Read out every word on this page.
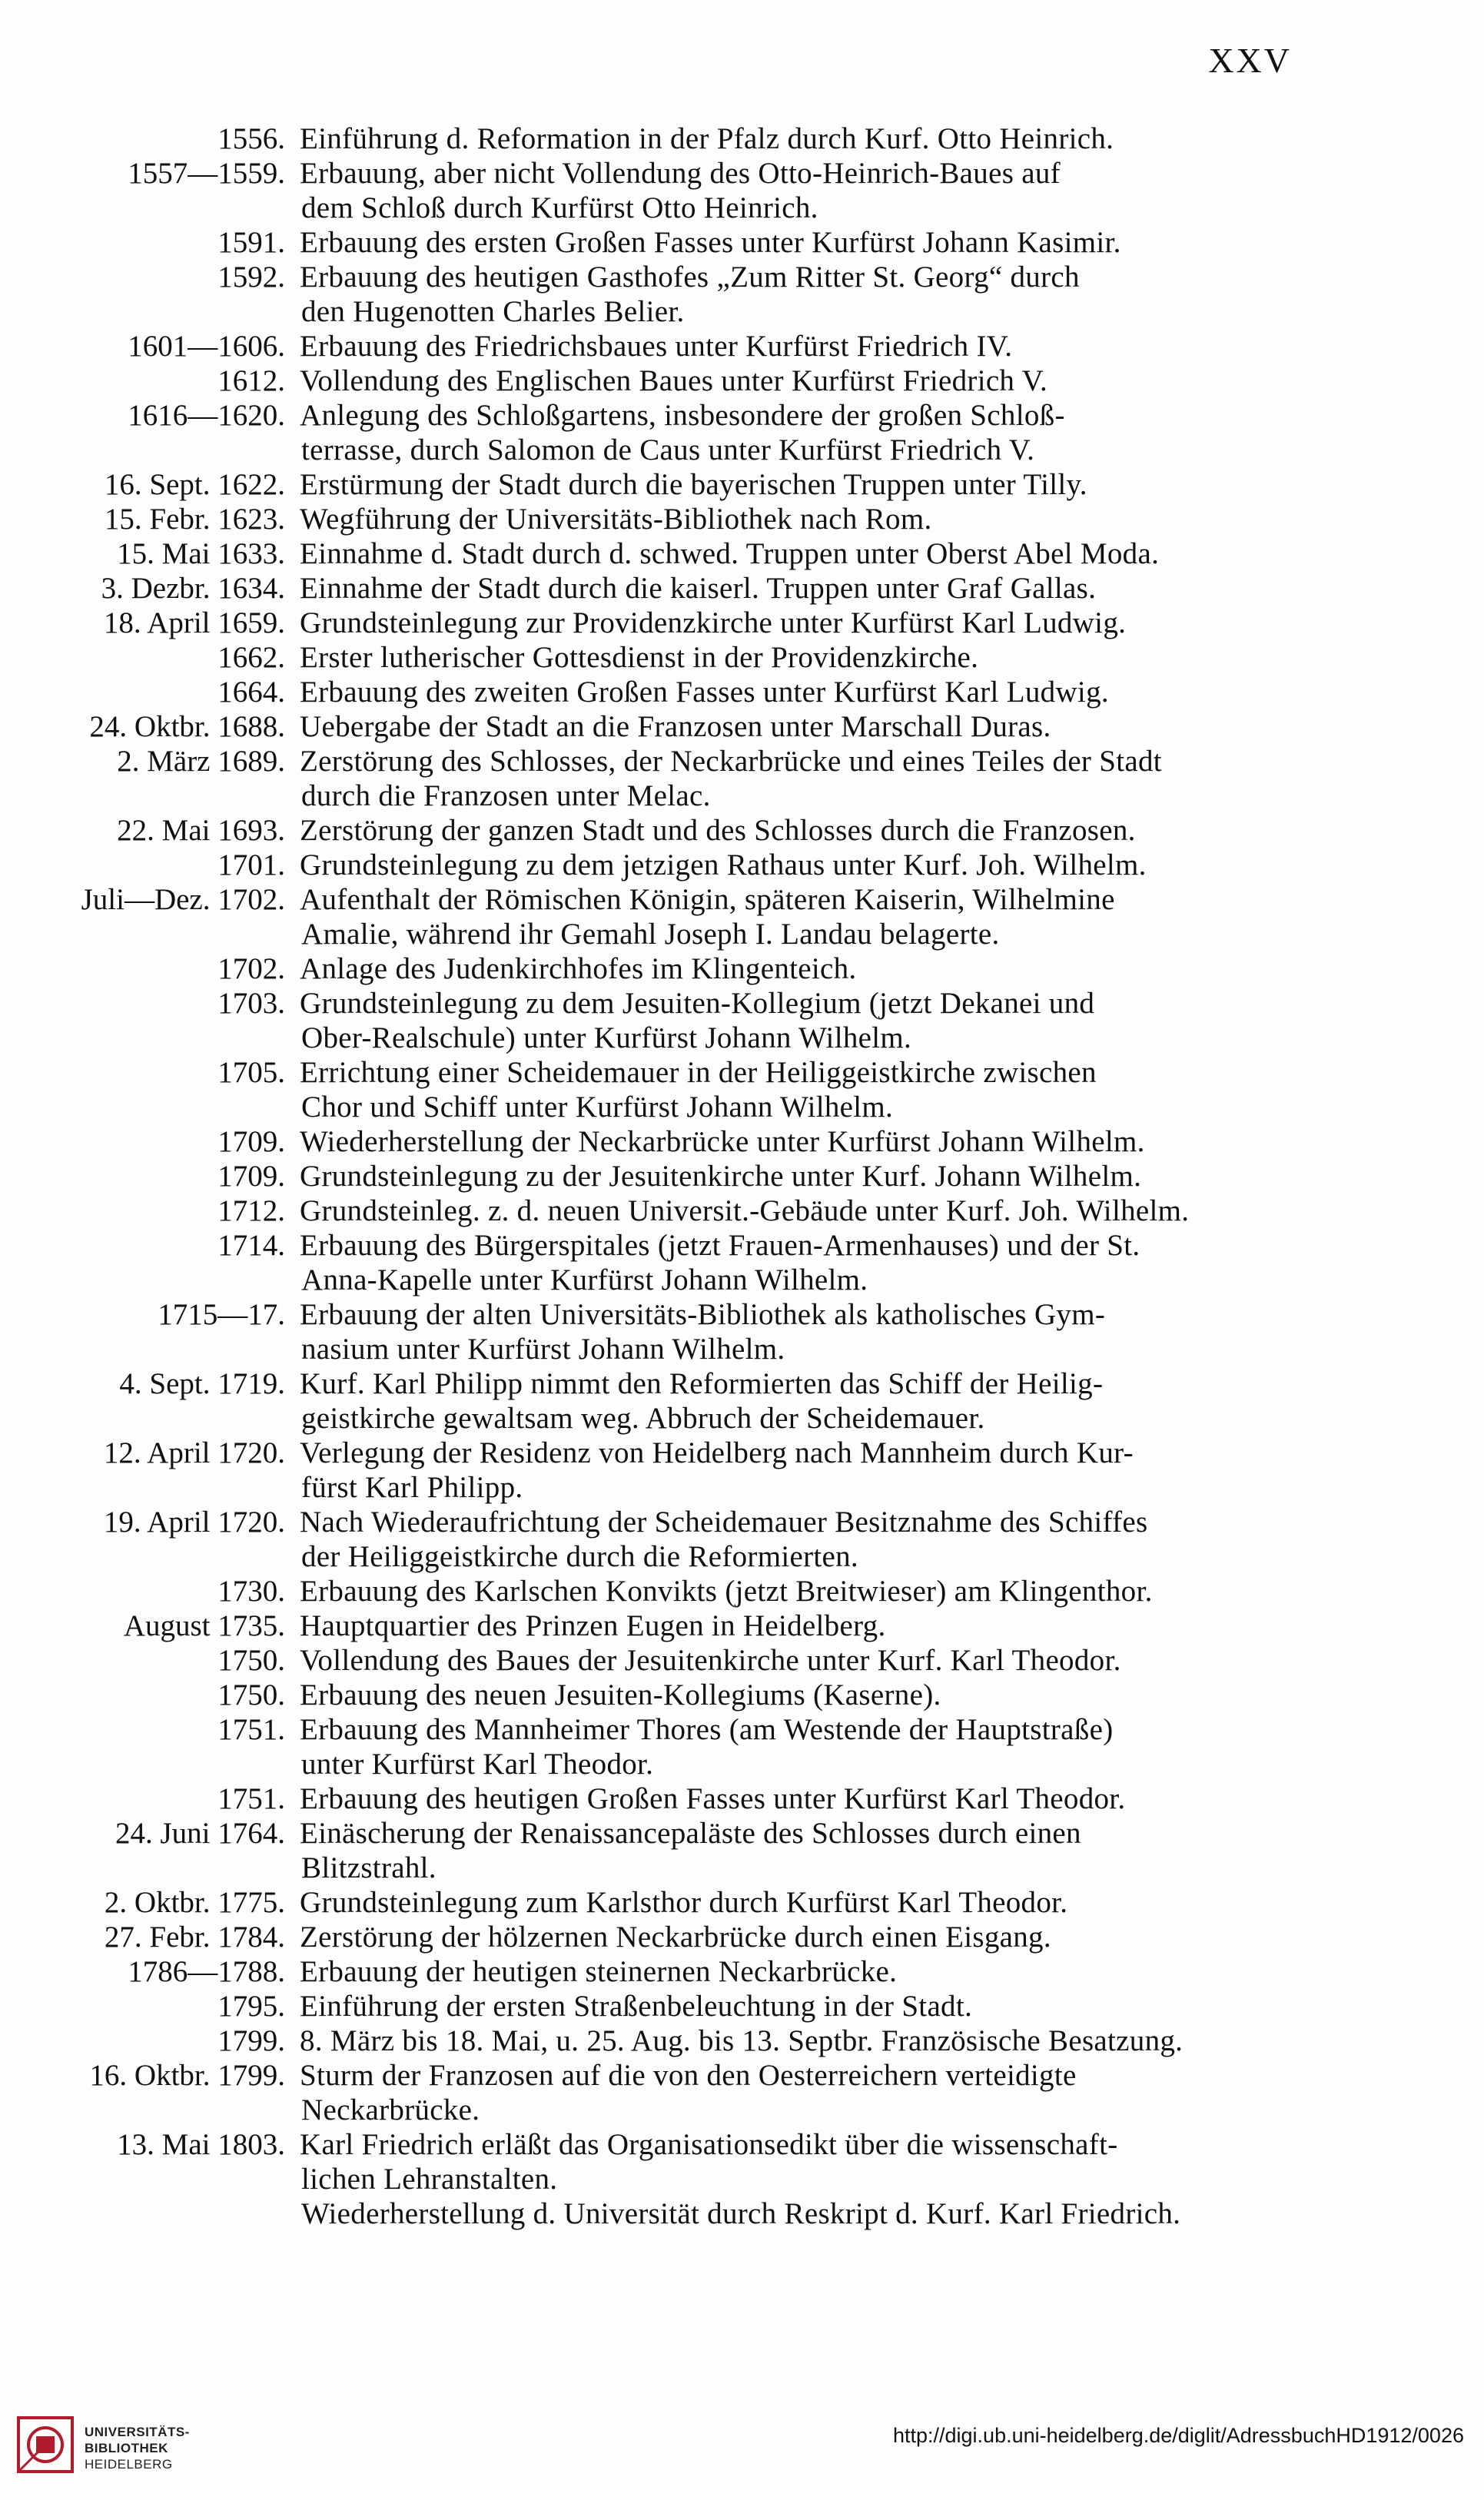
XXV
1556. Einführung d. Reformation in der Pfalz durch Kurf. Otto Heinrich.
1557—1559. Erbauung, aber nicht Vollendung des Otto-Heinrich-Baues auf
dem Schloß durch Kurfürst Otto Heinrich.
1591. Erbauung des ersten Großen Fasses unter Kurfürst Johann Kasimir.
1592. Erbauung des heutigen Gasthofes „Zum Ritter St. Georg“ durch
den Hugenotten Charles Belier.
1601—1606. Erbauung des Friedrichsbaues unter Kurfürst Friedrich IV.
1612. Vollendung des Englischen Baues unter Kurfürst Friedrich V.
1616—1620. Anlegung des Schloßgartens, insbesondere der großen Schloß-
terrasse, durch Salomon de Caus unter Kurfürst Friedrich V.
16. Sept. 1622. Erstürmung der Stadt durch die bayerischen Truppen unter Tilly.
15. Febr. 1623. Wegführung der Universitäts-Bibliothek nach Rom.
15. Mai 1633. Einnahme d. Stadt durch d. schwed. Truppen unter Oberst Abel Moda.
3. Dezbr. 1634. Einnahme der Stadt durch die kaiserl. Truppen unter Graf Gallas.
18. April 1659. Grundsteinlegung zur Providenzkirche unter Kurfürst Karl Ludwig.
1662. Erster lutherischer Gottesdienst in der Providenzkirche.
1664. Erbauung des zweiten Großen Fasses unter Kurfürst Karl Ludwig.
24. Oktbr. 1688. Uebergabe der Stadt an die Franzosen unter Marschall Duras.
2. März 1689. Zerstörung des Schlosses, der Neckarbrücke und eines Teiles der Stadt
durch die Franzosen unter Melac.
22. Mai 1693. Zerstörung der ganzen Stadt und des Schlosses durch die Franzosen.
1701. Grundsteinlegung zu dem jetzigen Rathaus unter Kurf. Joh. Wilhelm.
Juli—Dez. 1702. Aufenthalt der Römischen Königin, späteren Kaiserin, Wilhelmine
Amalie, während ihr Gemahl Joseph I. Landau belagerte.
1702. Anlage des Judenkirchhofes im Klingenteich.
1703. Grundsteinlegung zu dem Jesuiten-Kollegium (jetzt Dekanei und
Ober-Realschule) unter Kurfürst Johann Wilhelm.
1705. Errichtung einer Scheidemauer in der Heiliggeistkirche zwischen
Chor und Schiff unter Kurfürst Johann Wilhelm.
1709. Wiederherstellung der Neckarbrücke unter Kurfürst Johann Wilhelm.
1709. Grundsteinlegung zu der Jesuitenkirche unter Kurf. Johann Wilhelm.
1712. Grundsteinleg. z. d. neuen Universit.-Gebäude unter Kurf. Joh. Wilhelm.
1714. Erbauung des Bürgerspitales (jetzt Frauen-Armenhauses) und der St.
Anna-Kapelle unter Kurfürst Johann Wilhelm.
1715—17. Erbauung der alten Universitäts-Bibliothek als katholisches Gym-
nasium unter Kurfürst Johann Wilhelm.
4. Sept. 1719. Kurf. Karl Philipp nimmt den Reformierten das Schiff der Heilig-
geistkirche gewaltsam weg. Abbruch der Scheidemauer.
12. April 1720. Verlegung der Residenz von Heidelberg nach Mannheim durch Kur-
fürst Karl Philipp.
19. April 1720. Nach Wiederaufrichtung der Scheidemauer Besitznahme des Schiffes
der Heiliggeistkirche durch die Reformierten.
1730. Erbauung des Karlschen Konvikts (jetzt Breitwieser) am Klingenthor.
August 1735. Hauptquartier des Prinzen Eugen in Heidelberg.
1750. Vollendung des Baues der Jesuitenkirche unter Kurf. Karl Theodor.
1750. Erbauung des neuen Jesuiten-Kollegiums (Kaserne).
1751. Erbauung des Mannheimer Thores (am Westende der Hauptstraße)
unter Kurfürst Karl Theodor.
1751. Erbauung des heutigen Großen Fasses unter Kurfürst Karl Theodor.
24. Juni 1764. Einäscherung der Renaissancepaläste des Schlosses durch einen
Blitzstrahl.
2. Oktbr. 1775. Grundsteinlegung zum Karlsthor durch Kurfürst Karl Theodor.
27. Febr. 1784. Zerstörung der hölzernen Neckarbrücke durch einen Eisgang.
1786—1788. Erbauung der heutigen steinernen Neckarbrücke.
1795. Einführung der ersten Straßenbeleuchtung in der Stadt.
1799. 8. März bis 18. Mai, u. 25. Aug. bis 13. Septbr. Französische Besatzung.
16. Oktbr. 1799. Sturm der Franzosen auf die von den Oesterreichern verteidigte
Neckarbrücke.
13. Mai 1803. Karl Friedrich erläßt das Organisationsedikt über die wissenschaft-
lichen Lehranstalten.
Wiederherstellung d. Universität durch Reskript d. Kurf. Karl Friedrich.
UNIVERSITÄTS-
BIBLIOTHEK
HEIDELBERG
http://digi.ub.uni-heidelberg.de/diglit/AdressbuchHD1912/0026
